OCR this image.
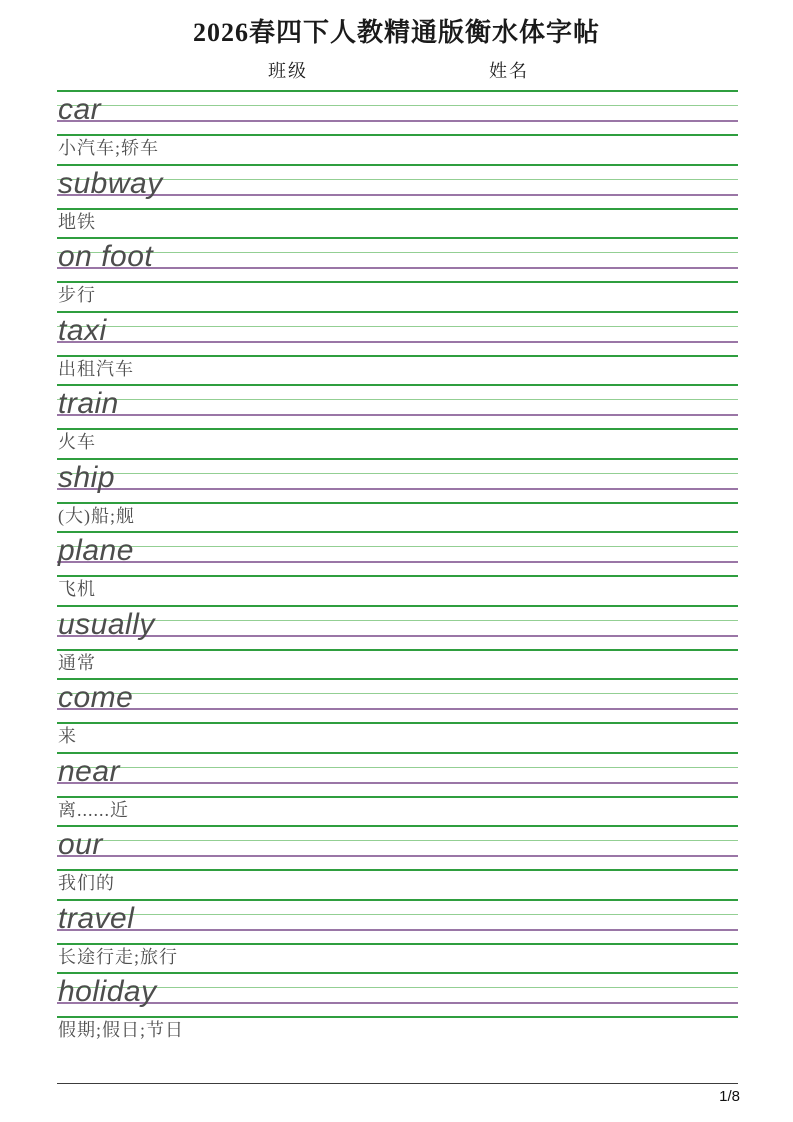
2026春四下人教精通版衡水体字帖
班级	姓名
car
小汽车;轿车
subway
地铁
on foot
步行
taxi
出租汽车
train
火车
ship
(大)船;舰
plane
飞机
usually
通常
come
来
near
离......近
our
我们的
travel
长途行走;旅行
holiday
假期;假日;节日
1/8
